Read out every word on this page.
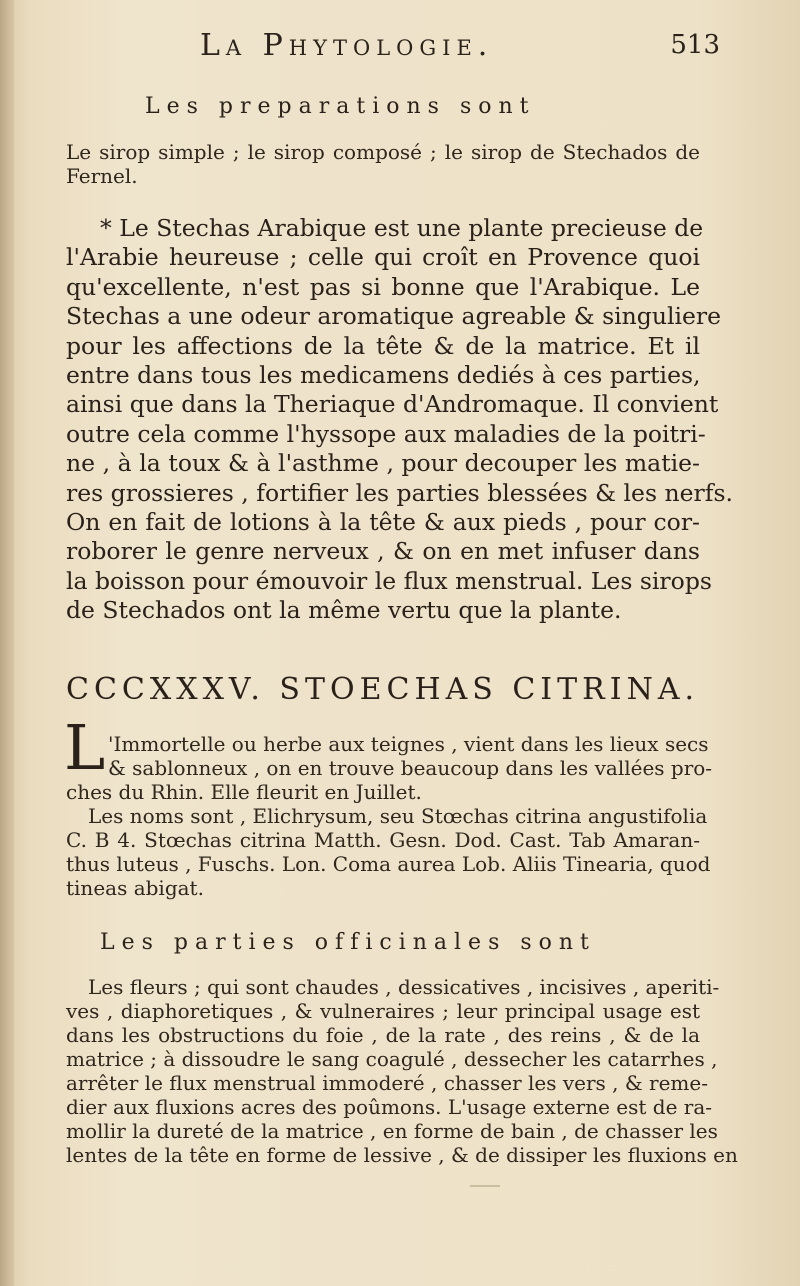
La Phytologie.	513
Les preparations sont
Le sirop simple ; le sirop composé ; le sirop de Stechados de
Fernel.
* Le Stechas Arabique est une plante precieuse de
l'Arabie heureuse ; celle qui croît en Provence quoi
qu'excellente, n'est pas si bonne que l'Arabique. Le
Stechas a une odeur aromatique agreable & singuliere
pour les affections de la tête & de la matrice. Et il
entre dans tous les medicamens dediés à ces parties,
ainsi que dans la Theriaque d'Andromaque. Il convient
outre cela comme l'hyssope aux maladies de la poitri-
ne , à la toux & à l'asthme , pour decouper les matie-
res grossieres , fortifier les parties blessées & les nerfs.
On en fait de lotions à la tête & aux pieds , pour cor-
roborer le genre nerveux , & on en met infuser dans
la boisson pour émouvoir le flux menstrual. Les sirops
de Stechados ont la même vertu que la plante.
CCCXXXV. STOECHAS CITRINA.
L 'Immortelle ou herbe aux teignes , vient dans les lieux secs
& sablonneux , on en trouve beaucoup dans les vallées pro-
ches du Rhin. Elle fleurit en Juillet.
Les noms sont , Elichrysum, seu Stœchas citrina angustifolia
C. B 4. Stœchas citrina Matth. Gesn. Dod. Cast. Tab Amaran-
thus luteus , Fuschs. Lon. Coma aurea Lob. Aliis Tinearia, quod
tineas abigat.
Les parties officinales sont
Les fleurs ; qui sont chaudes , dessicatives , incisives , aperiti-
ves , diaphoretiques , & vulneraires ; leur principal usage est
dans les obstructions du foie , de la rate , des reins , & de la
matrice ; à dissoudre le sang coagulé , dessecher les catarrhes ,
arrêter le flux menstrual immoderé , chasser les vers , & reme-
dier aux fluxions acres des poûmons. L'usage externe est de ra-
mollir la dureté de la matrice , en forme de bain , de chasser les
lentes de la tête en forme de lessive , & de dissiper les fluxions en
